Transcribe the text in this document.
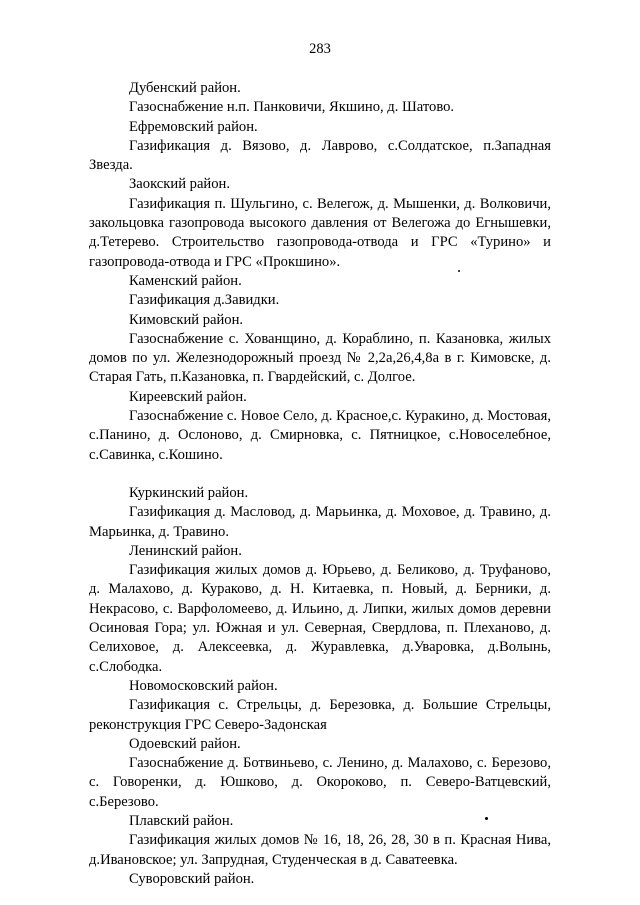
283

Дубенский район.

Газоснабжение н.п. Панковичи, Якшино, д. Шатово.

Ефремовский район.

Газификация д. Вязово, д. Лаврово, с.Солдатское, п.Западная Звезда.

Заокский район.

Газификация п. Шульгино, с. Велегож, д. Мышенки, д. Волковичи, закольцовка газопровода высокого давления от Велегожа до Егнышевки, д.Тетерево. Строительство газопровода-отвода и ГРС «Турино» и газопровода-отвода и ГРС «Прокшино».

Каменский район.

Газификация д.Завидки.

Кимовский район.

Газоснабжение с. Хованщино, д. Кораблино, п. Казановка, жилых домов по ул. Железнодорожный проезд № 2,2а,26,4,8а в г. Кимовске, д. Старая Гать, п.Казановка, п. Гвардейский, с. Долгое.

Киреевский район.

Газоснабжение с. Новое Село, д. Красное,с. Куракино, д. Мостовая, с.Панино, д. Ослоново, д. Смирновка, с. Пятницкое, с.Новоселебное, с.Савинка, с.Кошино.

Куркинский район.

Газификация д. Масловод, д. Марьинка, д. Моховое, д. Травино, д. Марьинка, д. Травино.

Ленинский район.

Газификация жилых домов д. Юрьево, д. Беликово, д. Труфаново, д. Малахово, д. Кураково, д. Н. Китаевка, п. Новый, д. Берники, д. Некрасово, с. Варфоломеево, д. Ильино, д. Липки, жилых домов деревни Осиновая Гора; ул. Южная и ул. Северная, Свердлова, п. Плеханово, д. Селиховое, д. Алексеевка, д. Журавлевка, д.Уваровка, д.Волынь, с.Слободка.

Новомосковский район.

Газификация с. Стрельцы, д. Березовка, д. Большие Стрельцы, реконструкция ГРС Северо-Задонская

Одоевский район.

Газоснабжение д. Ботвиньево, с. Ленино, д. Малахово, с. Березово, с. Говоренки, д. Юшково, д. Окороково, п. Северо-Ватцевский, с.Березово.

Плавский район.

Газификация жилых домов № 16, 18, 26, 28, 30 в п. Красная Нива, д.Ивановское; ул. Запрудная, Студенческая в д. Саватеевка.

Суворовский район.
